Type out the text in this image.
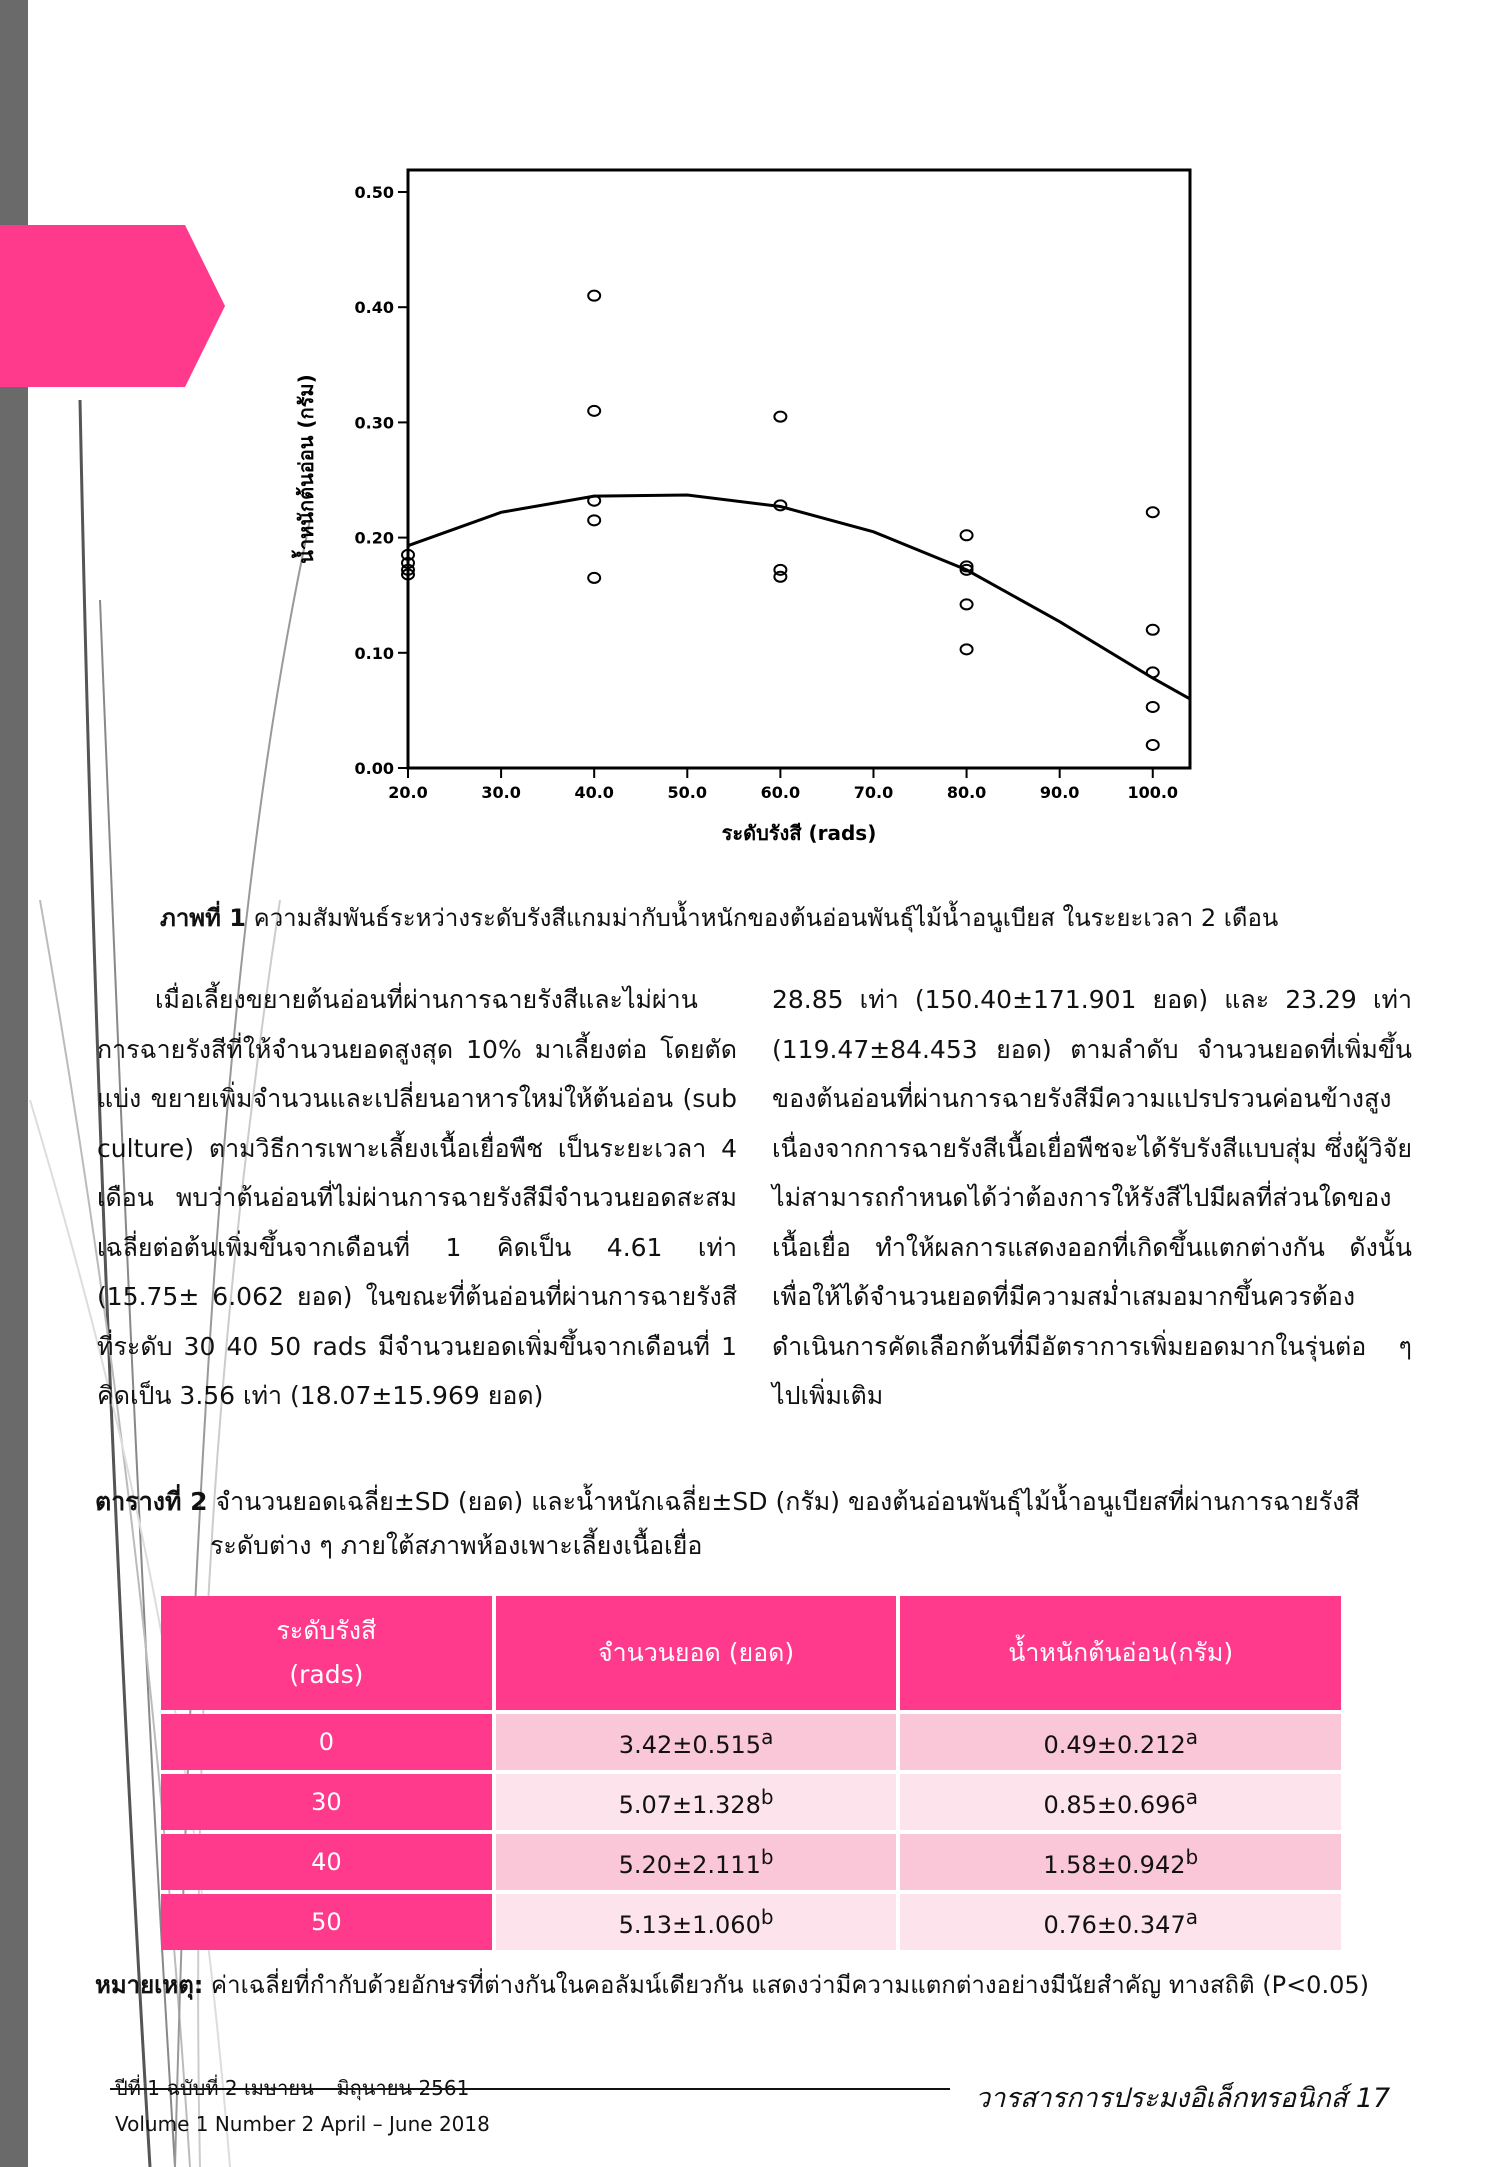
0.00
0.10
0.20
0.30
0.40
0.50
20.0	30.0	40.0	50.0	60.0	70.0	80.0	90.0	100.0
ระดับรังสี (rads)
น้ำหนักต้นอ่อน (กรัม)
ภาพที่ 1 ความสัมพันธ์ระหว่างระดับรังสีแกมม่ากับน้ำหนักของต้นอ่อนพันธุ์ไม้น้ำอนูเบียส ในระยะเวลา 2 เดือน
เมื่อเลี้ยงขยายต้นอ่อนที่ผ่านการฉายรังสีและไม่ผ่านการฉายรังสีที่ให้จำนวนยอดสูงสุด 10% มาเลี้ยงต่อ โดยตัดแบ่ง ขยายเพิ่มจำนวนและเปลี่ยนอาหารใหม่ให้ต้นอ่อน (sub culture) ตามวิธีการเพาะเลี้ยงเนื้อเยื่อพืช เป็นระยะเวลา 4 เดือน พบว่าต้นอ่อนที่ไม่ผ่านการฉายรังสีมีจำนวนยอดสะสมเฉลี่ยต่อต้นเพิ่มขึ้นจากเดือนที่ 1 คิดเป็น 4.61 เท่า (15.75± 6.062 ยอด) ในขณะที่ต้นอ่อนที่ผ่านการฉายรังสีที่ระดับ 30 40 50 rads มีจำนวนยอดเพิ่มขึ้นจากเดือนที่ 1 คิดเป็น 3.56 เท่า (18.07±15.969 ยอด)
28.85 เท่า (150.40±171.901 ยอด) และ 23.29 เท่า (119.47±84.453 ยอด) ตามลำดับ จำนวนยอดที่เพิ่มขึ้นของต้นอ่อนที่ผ่านการฉายรังสีมีความแปรปรวนค่อนข้างสูงเนื่องจากการฉายรังสีเนื้อเยื่อพืชจะได้รับรังสีแบบสุ่ม ซึ่งผู้วิจัยไม่สามารถกำหนดได้ว่าต้องการให้รังสีไปมีผลที่ส่วนใดของเนื้อเยื่อ ทำให้ผลการแสดงออกที่เกิดขึ้นแตกต่างกัน ดังนั้นเพื่อให้ได้จำนวนยอดที่มีความสม่ำเสมอมากขึ้นควรต้องดำเนินการคัดเลือกต้นที่มีอัตราการเพิ่มยอดมากในรุ่นต่อ ๆ ไปเพิ่มเติม
ตารางที่ 2 จำนวนยอดเฉลี่ย±SD (ยอด) และน้ำหนักเฉลี่ย±SD (กรัม) ของต้นอ่อนพันธุ์ไม้น้ำอนูเบียสที่ผ่านการฉายรังสี
ระดับต่าง ๆ ภายใต้สภาพห้องเพาะเลี้ยงเนื้อเยื่อ
ระดับรังสี
(rads)	จำนวนยอด (ยอด)	น้ำหนักต้นอ่อน(กรัม)
0	3.42±0.515$^a$	0.49±0.212$^a$
30	5.07±1.328$^b$	0.85±0.696$^a$
40	5.20±2.111$^b$	1.58±0.942$^b$
50	5.13±1.060$^b$	0.76±0.347$^a$
หมายเหตุ: ค่าเฉลี่ยที่กำกับด้วยอักษรที่ต่างกันในคอลัมน์เดียวกัน แสดงว่ามีความแตกต่างอย่างมีนัยสำคัญ ทางสถิติ (P<0.05)
ปีที่ 1 ฉบับที่ 2 เมษายน – มิถุนายน 2561
Volume 1 Number 2 April – June 2018
วารสารการประมงอิเล็กทรอนิกส์ 17
